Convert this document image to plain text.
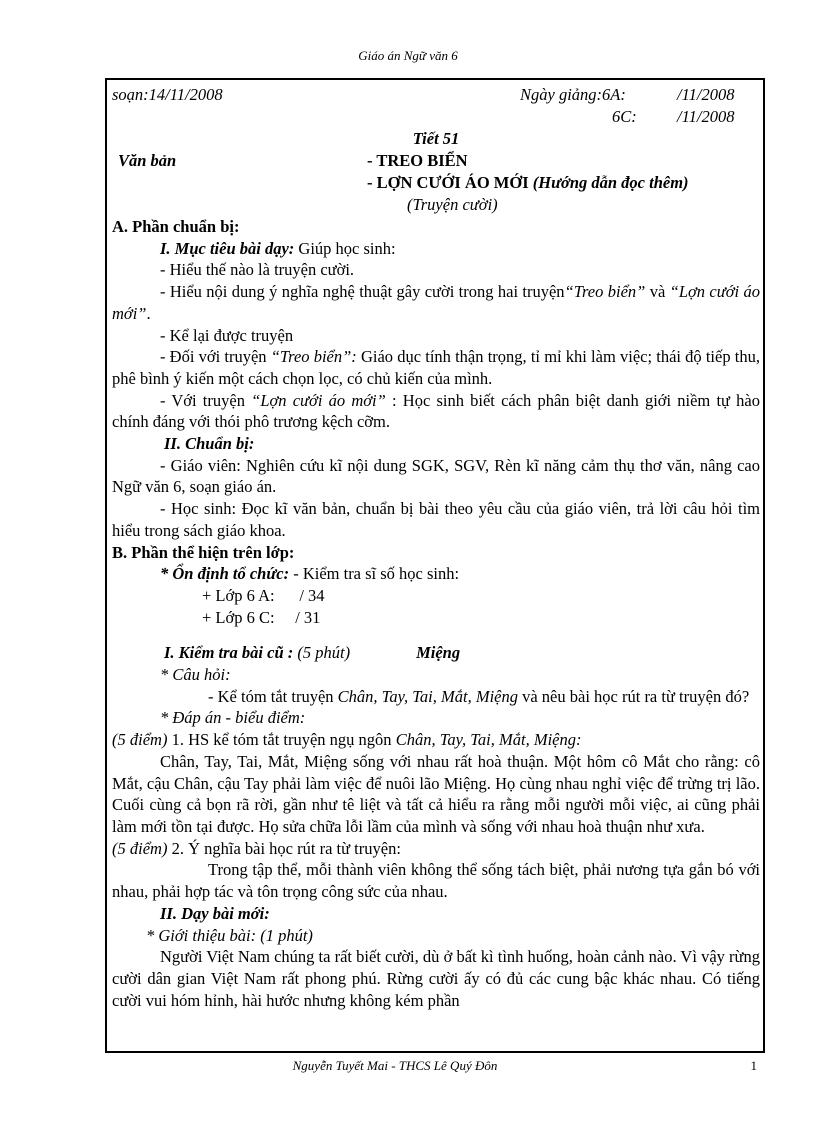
Giáo án Ngữ văn 6
soạn:14/11/2008	Ngày giảng:6A:	/11/2008
6C: /11/2008
Tiết 51
Văn bản	- TREO BIỂN
- LỢN CƯỚI ÁO MỚI (Hướng dẫn đọc thêm)
(Truyện cười)

A. Phần chuẩn bị:

I. Mục tiêu bài dạy: Giúp học sinh:

- Hiểu thế nào là truyện cười.

- Hiểu nội dung ý nghĩa nghệ thuật gây cười trong hai truyện“Treo biển” và “Lợn cưới áo mới”.

- Kể lại được truyện

- Đối với truyện “Treo biển”: Giáo dục tính thận trọng, tỉ mỉ khi làm việc; thái độ tiếp thu, phê bình ý kiến một cách chọn lọc, có chủ kiến của mình.

- Với truyện “Lợn cưới áo mới” : Học sinh biết cách phân biệt danh giới niềm tự hào chính đáng với thói phô trương kệch cỡm.

II. Chuẩn bị:

- Giáo viên: Nghiên cứu kĩ nội dung SGK, SGV, Rèn kĩ năng cảm thụ thơ văn, nâng cao Ngữ văn 6, soạn giáo án.

- Học sinh: Đọc kĩ văn bản, chuẩn bị bài theo yêu cầu của giáo viên, trả lời câu hỏi tìm hiểu trong sách giáo khoa.

B. Phần thể hiện trên lớp:

* Ổn định tổ chức: - Kiểm tra sĩ số học sinh:

+ Lớp 6 A:      / 34

+ Lớp 6 C:     / 31

I. Kiểm tra bài cũ : (5 phút)	Miệng

* Câu hỏi:

- Kể tóm tắt truyện Chân, Tay, Tai, Mắt, Miệng và nêu bài học rút ra từ truyện đó?

* Đáp án - biểu điểm:

(5 điểm) 1. HS kể tóm tắt truyện ngụ ngôn Chân, Tay, Tai, Mắt, Miệng:

Chân, Tay, Tai, Mắt, Miệng sống với nhau rất hoà thuận. Một hôm cô Mắt cho rằng: cô Mắt, cậu Chân, cậu Tay phải làm việc để nuôi lão Miệng. Họ cùng nhau nghỉ việc để trừng trị lão. Cuối cùng cả bọn rã rời, gần như tê liệt và tất cả hiểu ra rằng mỗi người mỗi việc, ai cũng phải làm mới tồn tại được. Họ sửa chữa lỗi lầm của mình và sống với nhau hoà thuận như xưa.

(5 điểm) 2. Ý nghĩa bài học rút ra từ truyện:

Trong tập thể, mỗi thành viên không thể sống tách biệt, phải nương tựa gắn bó với nhau, phải hợp tác và tôn trọng công sức của nhau.

II. Dạy bài mới:

* Giới thiệu bài: (1 phút)

Người Việt Nam chúng ta rất biết cười, dù ở bất kì tình huống, hoàn cảnh nào. Vì vậy rừng cười dân gian Việt Nam rất phong phú. Rừng cười ấy có đủ các cung bậc khác nhau. Có tiếng cười vui hóm hỉnh, hài hước nhưng không kém phần

Nguyễn Tuyết Mai - THCS Lê Quý Đôn	1
